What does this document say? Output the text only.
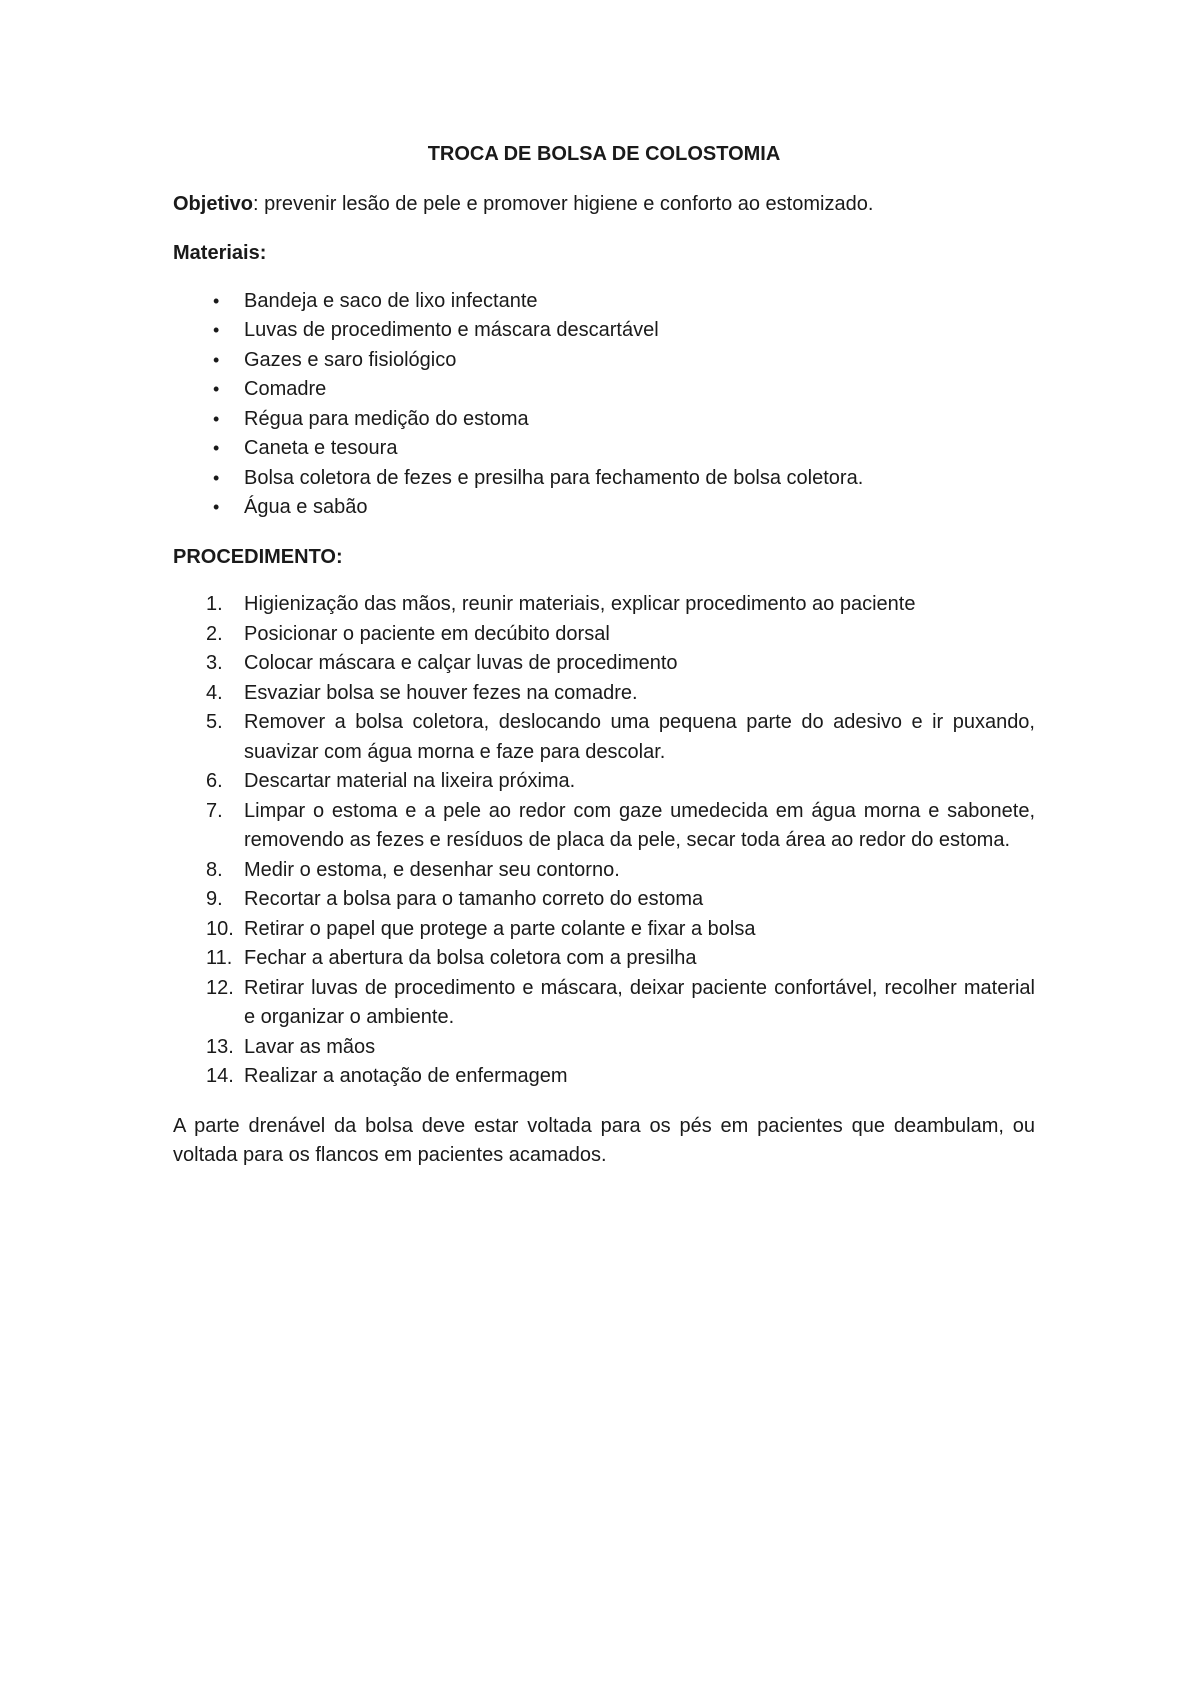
TROCA DE BOLSA DE COLOSTOMIA

Objetivo: prevenir lesão de pele e promover higiene e conforto ao estomizado.

Materiais:

• Bandeja e saco de lixo infectante
• Luvas de procedimento e máscara descartável
• Gazes e saro fisiológico
• Comadre
• Régua para medição do estoma
• Caneta e tesoura
• Bolsa coletora de fezes e presilha para fechamento de bolsa coletora.
• Água e sabão

PROCEDIMENTO:

1. Higienização das mãos, reunir materiais, explicar procedimento ao paciente
2. Posicionar o paciente em decúbito dorsal
3. Colocar máscara e calçar luvas de procedimento
4. Esvaziar bolsa se houver fezes na comadre.
5. Remover a bolsa coletora, deslocando uma pequena parte do adesivo e ir puxando, suavizar com água morna e faze para descolar.
6. Descartar material na lixeira próxima.
7. Limpar o estoma e a pele ao redor com gaze umedecida em água morna e sabonete, removendo as fezes e resíduos de placa da pele, secar toda área ao redor do estoma.
8. Medir o estoma, e desenhar seu contorno.
9. Recortar a bolsa para o tamanho correto do estoma
10. Retirar o papel que protege a parte colante e fixar a bolsa
11. Fechar a abertura da bolsa coletora com a presilha
12. Retirar luvas de procedimento e máscara, deixar paciente confortável, recolher material e organizar o ambiente.
13. Lavar as mãos
14. Realizar a anotação de enfermagem

A parte drenável da bolsa deve estar voltada para os pés em pacientes que deambulam, ou voltada para os flancos em pacientes acamados.
